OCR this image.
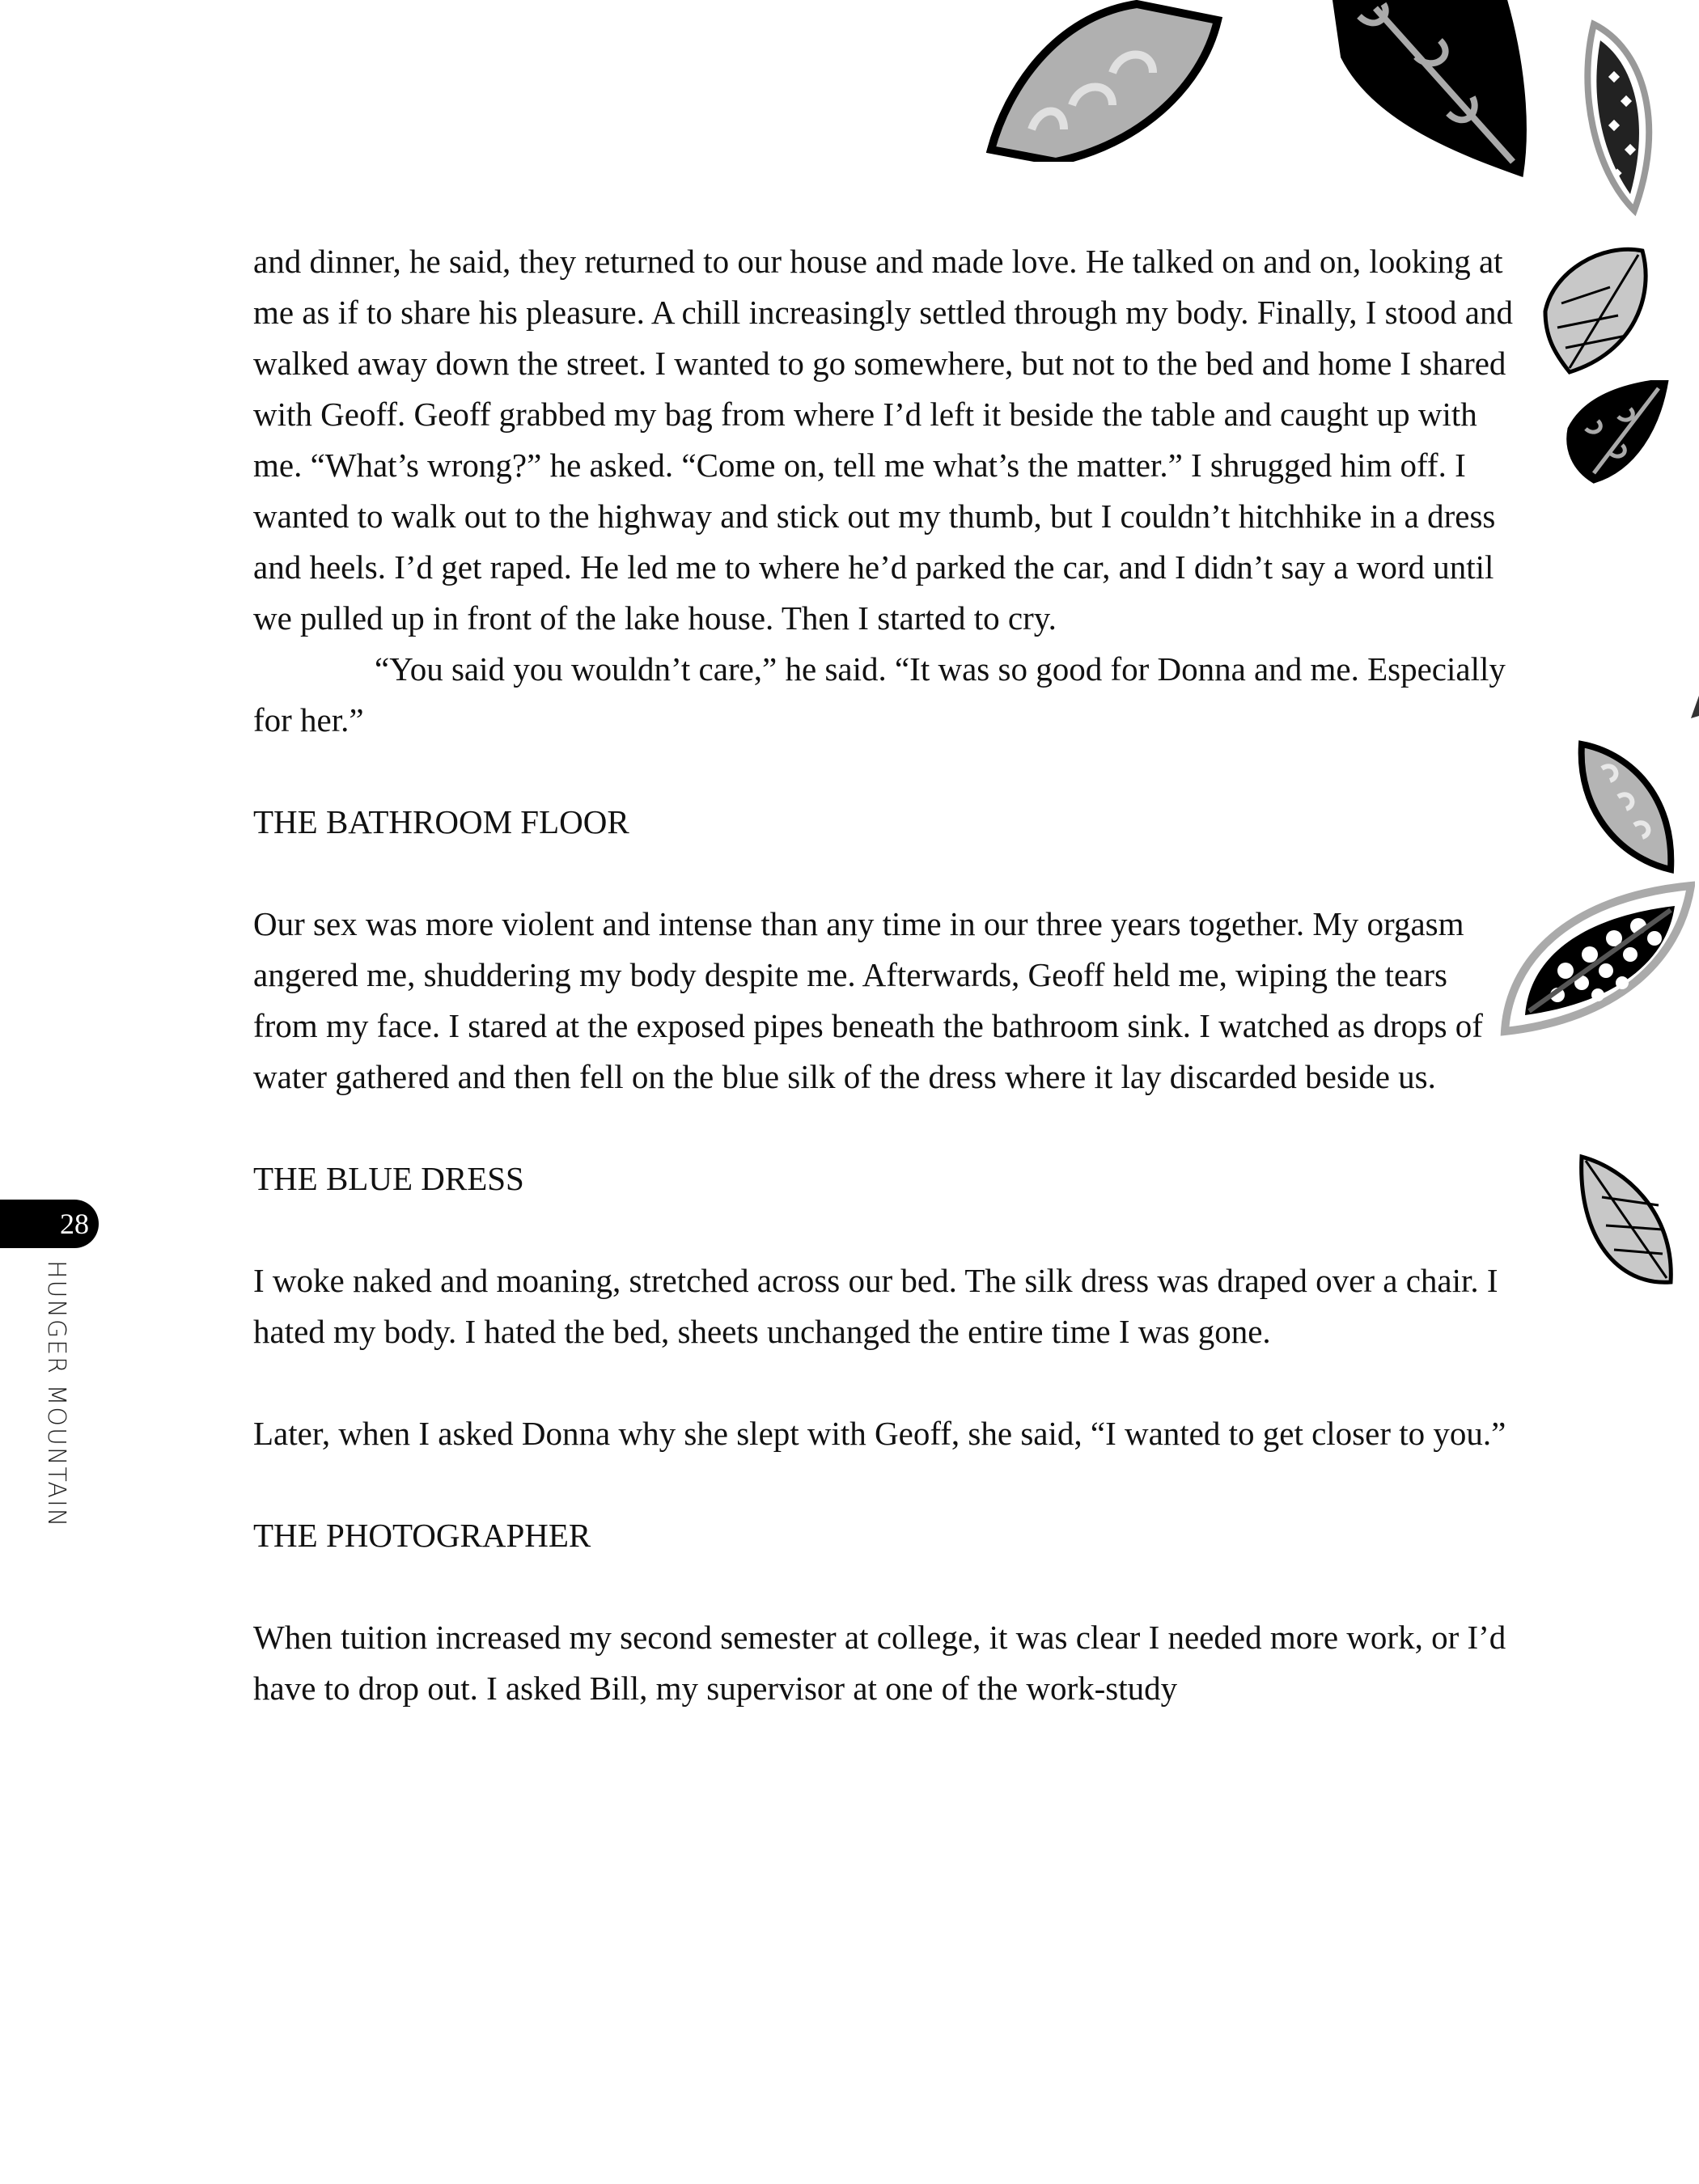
28
HUNGER MOUNTAIN

and dinner, he said, they returned to our house and made love. He talked on and on, looking at me as if to share his pleasure. A chill increasingly settled through my body. Finally, I stood and walked away down the street. I wanted to go somewhere, but not to the bed and home I shared with Geoff. Geoff grabbed my bag from where I’d left it beside the table and caught up with me. “What’s wrong?” he asked. “Come on, tell me what’s the matter.” I shrugged him off. I wanted to walk out to the highway and stick out my thumb, but I couldn’t hitchhike in a dress and heels. I’d get raped. He led me to where he’d parked the car, and I didn’t say a word until we pulled up in front of the lake house. Then I started to cry.

“You said you wouldn’t care,” he said. “It was so good for Donna and me. Especially for her.”

THE BATHROOM FLOOR

Our sex was more violent and intense than any time in our three years together. My orgasm angered me, shuddering my body despite me. Afterwards, Geoff held me, wiping the tears from my face. I stared at the exposed pipes beneath the bathroom sink. I watched as drops of water gathered and then fell on the blue silk of the dress where it lay discarded beside us.

THE BLUE DRESS

I woke naked and moaning, stretched across our bed. The silk dress was draped over a chair. I hated my body. I hated the bed, sheets unchanged the entire time I was gone.

Later, when I asked Donna why she slept with Geoff, she said, “I wanted to get closer to you.”

THE PHOTOGRAPHER

When tuition increased my second semester at college, it was clear I needed more work, or I’d have to drop out. I asked Bill, my supervisor at one of the work-study
